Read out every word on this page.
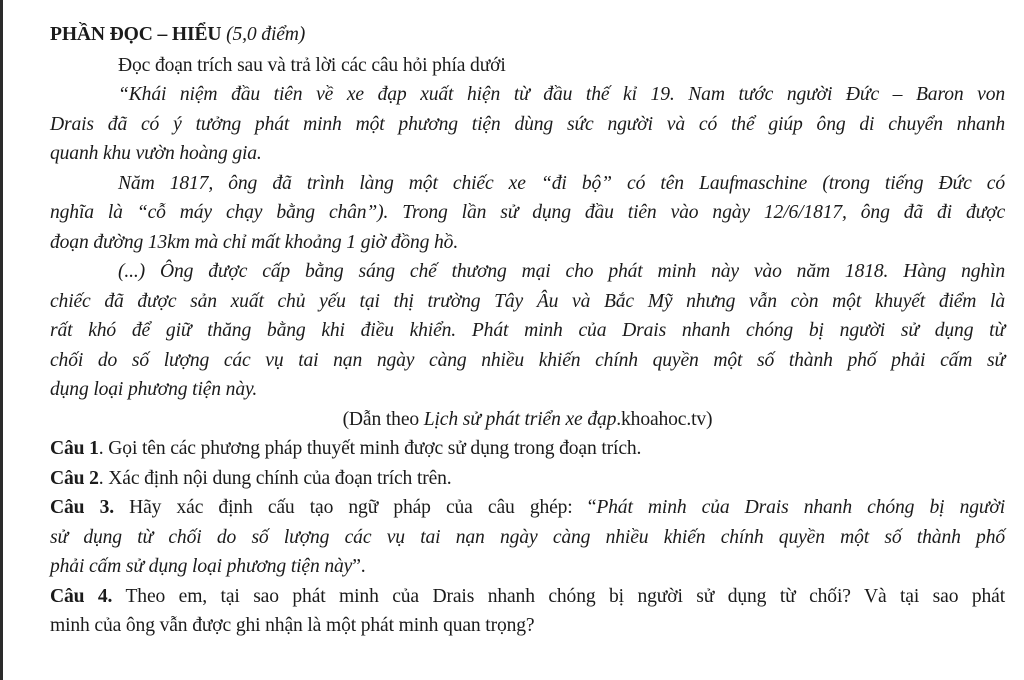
PHẦN ĐỌC – HIỂU (5,0 điểm)

Đọc đoạn trích sau và trả lời các câu hỏi phía dưới

“Khái niệm đầu tiên về xe đạp xuất hiện từ đầu thế kỉ 19. Nam tước người Đức – Baron von

Drais đã có ý tưởng phát minh một phương tiện dùng sức người và có thể giúp ông di chuyển nhanh

quanh khu vườn hoàng gia.

Năm 1817, ông đã trình làng một chiếc xe “đi bộ” có tên Laufmaschine (trong tiếng Đức có

nghĩa là “cỗ máy chạy bằng chân”). Trong lần sử dụng đầu tiên vào ngày 12/6/1817, ông đã đi được

đoạn đường 13km mà chỉ mất khoảng 1 giờ đồng hồ.

(...) Ông được cấp bằng sáng chế thương mại cho phát minh này vào năm 1818. Hàng nghìn

chiếc đã được sản xuất chủ yếu tại thị trường Tây Âu và Bắc Mỹ nhưng vẫn còn một khuyết điểm là

rất khó để giữ thăng bằng khi điều khiển. Phát minh của Drais nhanh chóng bị người sử dụng từ

chối do số lượng các vụ tai nạn ngày càng nhiều khiến chính quyền một số thành phố phải cấm sử

dụng loại phương tiện này.

(Dẫn theo Lịch sử phát triển xe đạp.khoahoc.tv)

Câu 1. Gọi tên các phương pháp thuyết minh được sử dụng trong đoạn trích.

Câu 2. Xác định nội dung chính của đoạn trích trên.

Câu 3. Hãy xác định cấu tạo ngữ pháp của câu ghép: “Phát minh của Drais nhanh chóng bị người

sử dụng từ chối do số lượng các vụ tai nạn ngày càng nhiều khiến chính quyền một số thành phố

phải cấm sử dụng loại phương tiện này”.

Câu 4. Theo em, tại sao phát minh của Drais nhanh chóng bị người sử dụng từ chối? Và tại sao phát

minh của ông vẫn được ghi nhận là một phát minh quan trọng?
